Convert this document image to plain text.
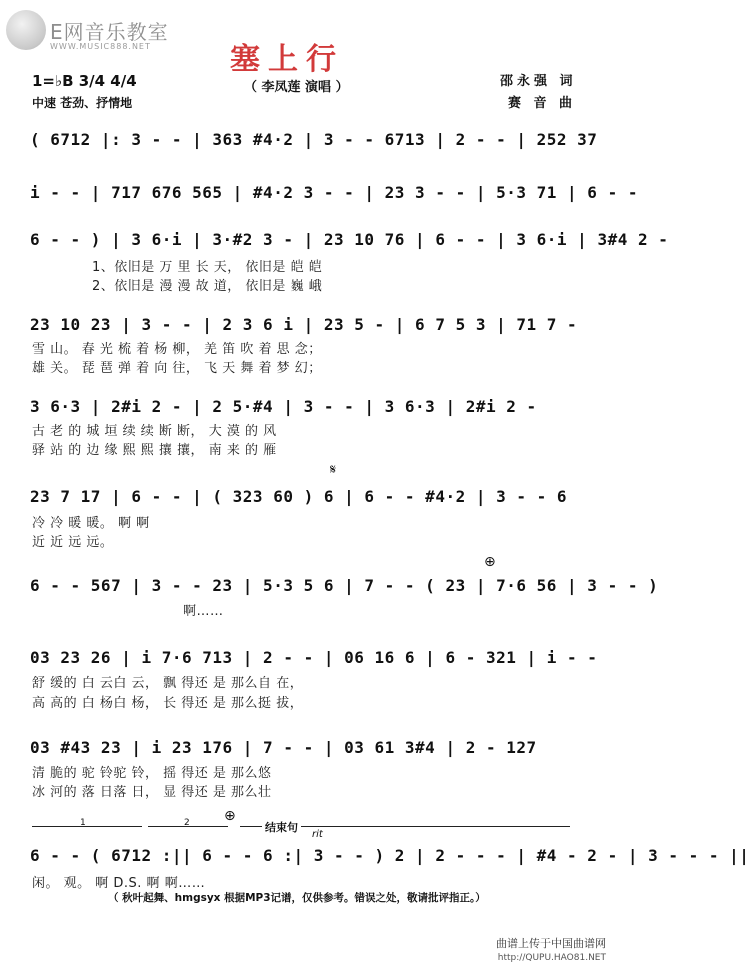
E网音乐教室
WWW.MUSIC888.NET	塞上行
（ 李凤莲 演唱 ）
1=♭B 3/4 4/4
中速 苍劲、抒情地
邵永强 词
赛 音 曲
( 6712 |: 3 - - | 363 #4·2 | 3 - - 6713 | 2 - - | 252 37
i - - | 717 676 565 | #4·2 3 - - | 23 3 - - | 5·3 71 | 6 - -
6 - - ) | 3 6·i | 3·#2 3 - | 23 10 76 | 6 - - | 3 6·i | 3#4 2 -
1、依旧是 万 里 长 天， 依旧是 皑 皑
2、依旧是 漫 漫 故 道， 依旧是 巍 峨
23 10 23 | 3 - - | 2 3 6 i | 23 5 - | 6 7 5 3 | 71 7 -
雪 山。 春 光 梳 着 杨 柳， 羌 笛 吹 着 思 念；
雄 关。 琵 琶 弹 着 向 往， 飞 天 舞 着 梦 幻；
3 6·3 | 2#i 2 - | 2 5·#4 | 3 - - | 3 6·3 | 2#i 2 -
古 老 的 城 垣 续 续 断 断， 大 漠 的 风
驿 站 的 边 缘 熙 熙 攘 攘， 南 来 的 雁
𝄋
23 7 17 | 6 - - | ( 323 60 ) 6 | 6 - - #4·2 | 3 - - 6
冷 冷 暖 暖。 啊 啊
近 近 远 远。
⊕
6 - - 567 | 3 - - 23 | 5·3 5 6 | 7 - - ( 23 | 7·6 56 | 3 - - )
啊……
03 23 26 | i 7·6 713 | 2 - - | 06 16 6 | 6 - 321 | i - -
舒 缓的 白 云白 云， 飘 得还 是 那么自 在，
高 高的 白 杨白 杨， 长 得还 是 那么挺 拔，
03 #43 23 | i 23 176 | 7 - - | 03 61 3#4 | 2 - 127
清 脆的 驼 铃驼 铃， 摇 得还 是 那么悠
冰 河的 落 日落 日， 显 得还 是 那么壮
1	2 ⊕
结束句
rit
6 - - ( 6712 :|| 6 - - 6 :| 3 - - ) 2 | 2 - - - | #4 - 2 - | 3 - - - ||
闲。 观。 啊 D.S. 啊 啊……
（ 秋叶起舞、hmgsyx 根据MP3记谱，仅供参考。错误之处，敬请批评指正。）
曲谱上传于中国曲谱网
http://QUPU.HAO81.NET
